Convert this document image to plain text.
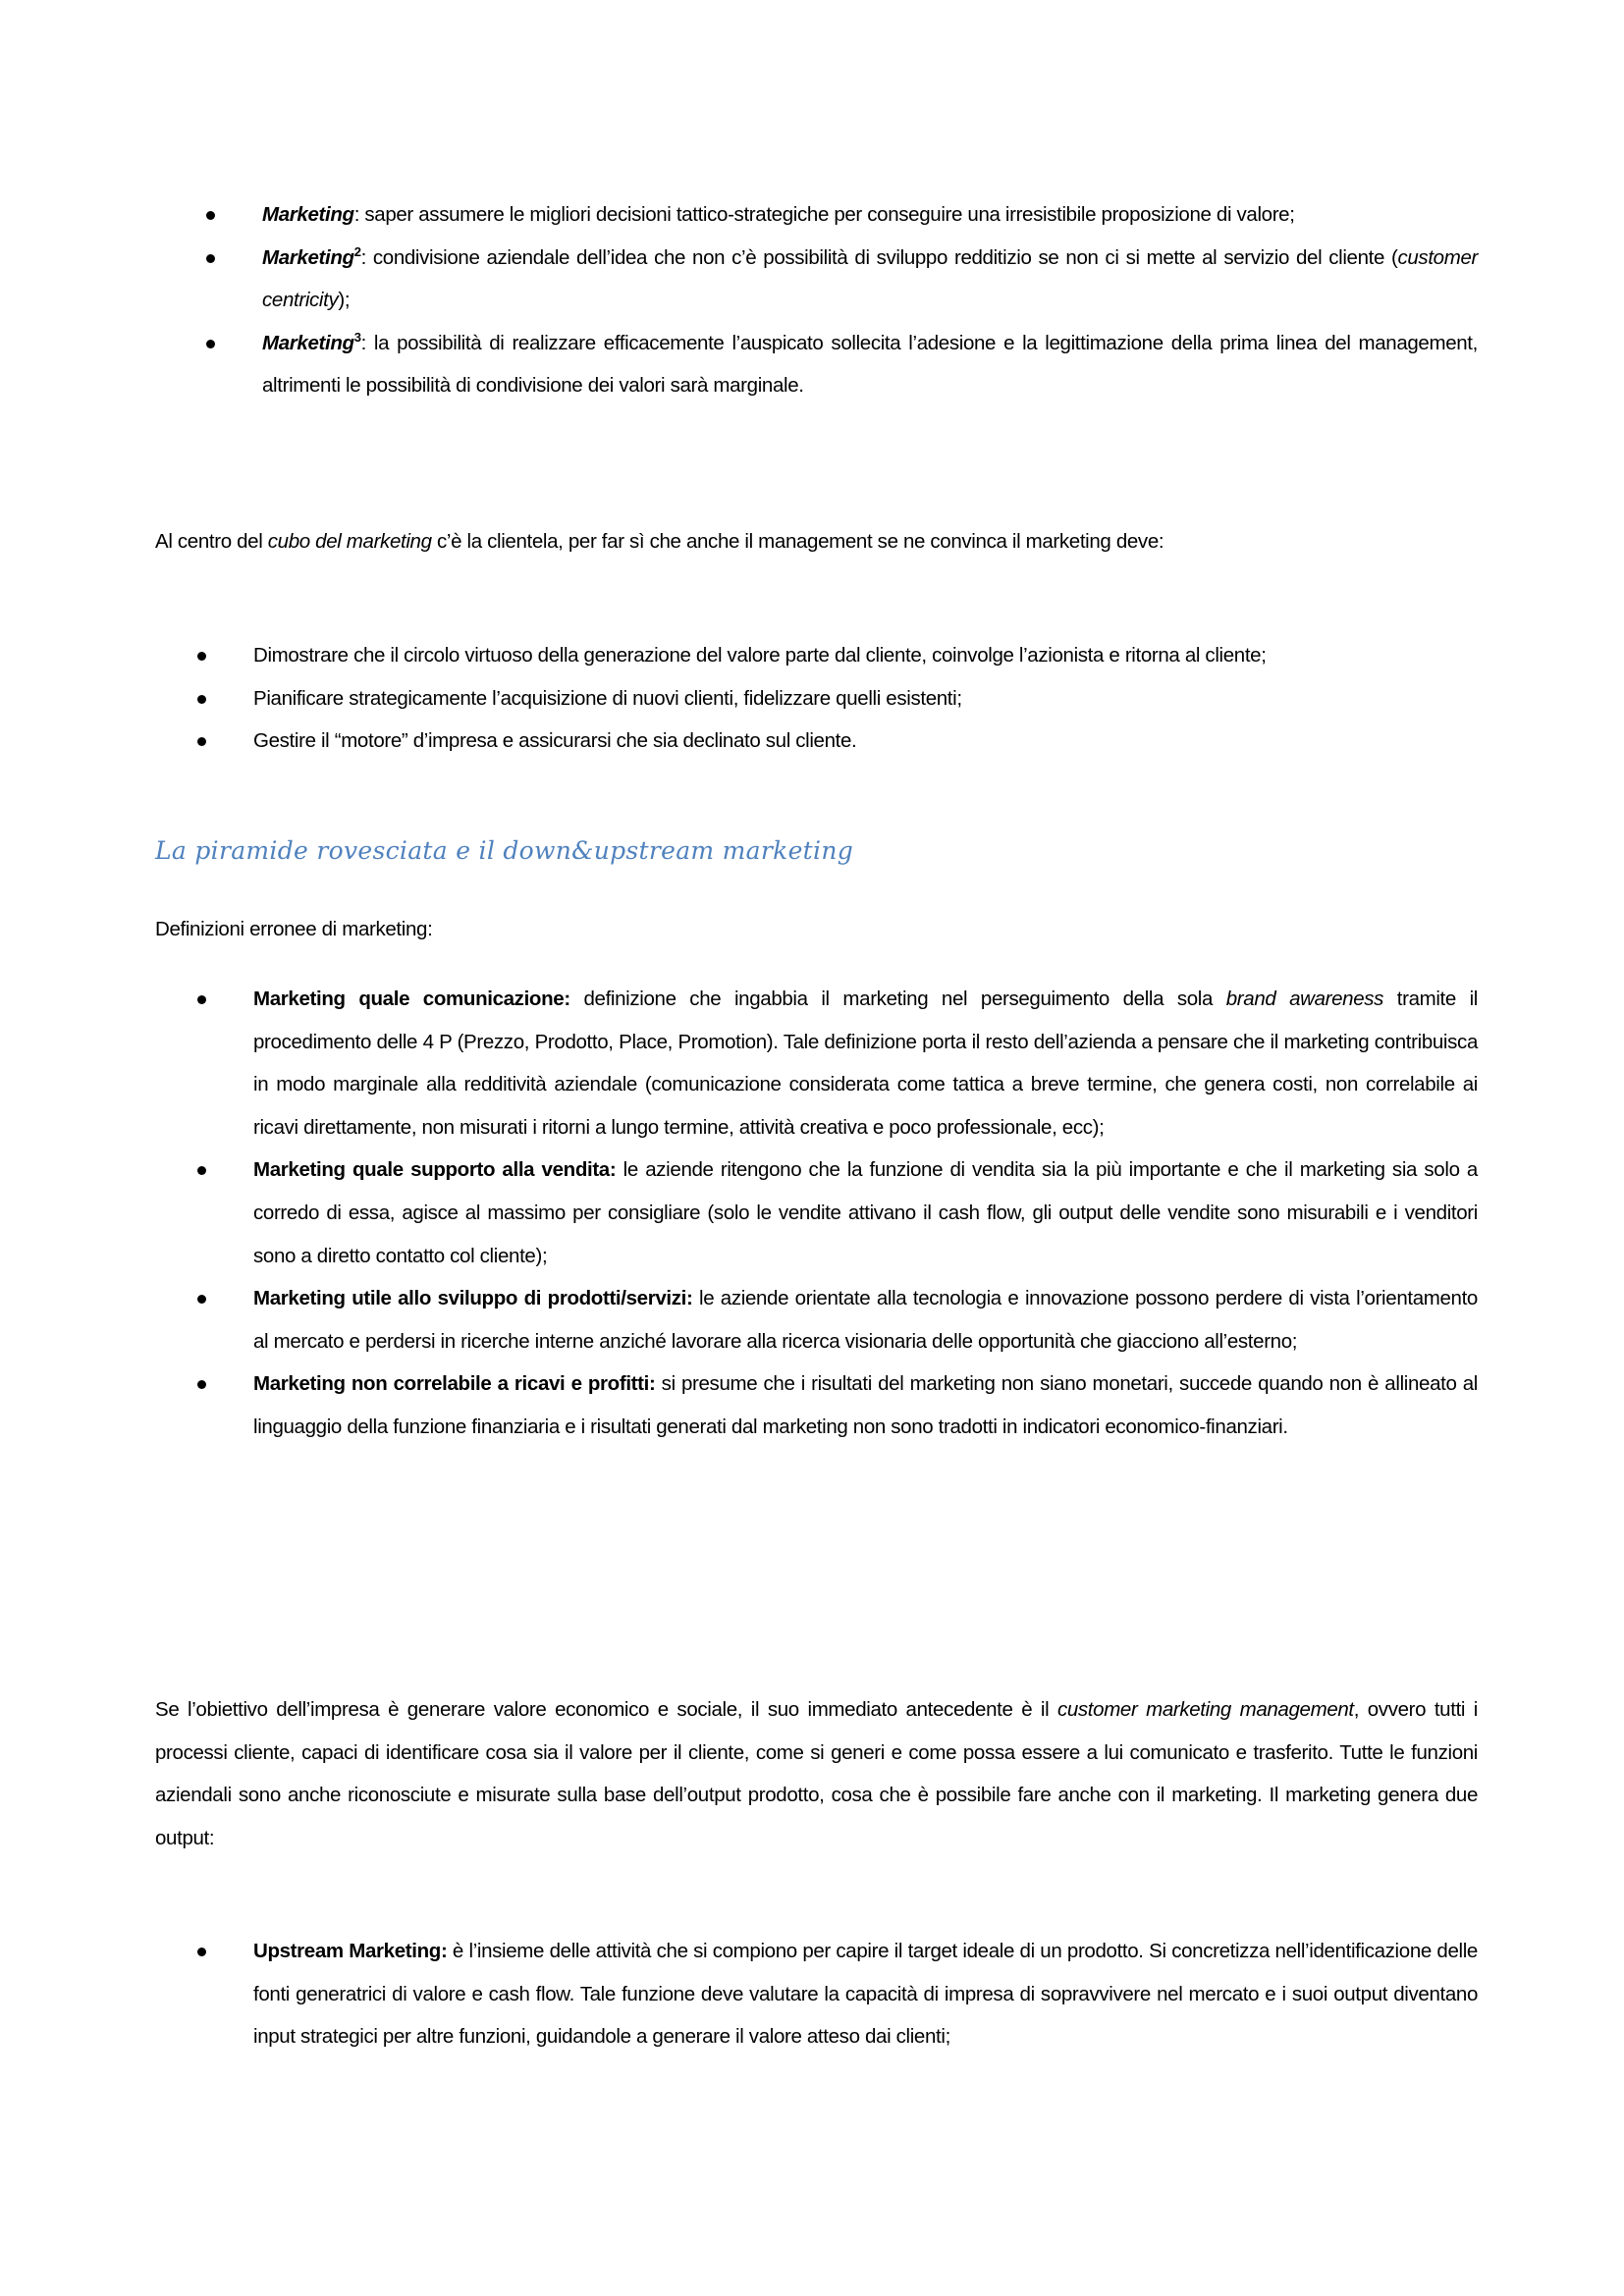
Marketing: saper assumere le migliori decisioni tattico-strategiche per conseguire una irresistibile proposizione di valore;
Marketing$^2$: condivisione aziendale dell’idea che non c’è possibilità di sviluppo redditizio se non ci si mette al servizio del cliente (customer centricity);
Marketing$^3$: la possibilità di realizzare efficacemente l’auspicato sollecita l’adesione e la legittimazione della prima linea del management, altrimenti le possibilità di condivisione dei valori sarà marginale.

Al centro del cubo del marketing c’è la clientela, per far sì che anche il management se ne convinca il marketing deve:

Dimostrare che il circolo virtuoso della generazione del valore parte dal cliente, coinvolge l’azionista e ritorna al cliente;
Pianificare strategicamente l’acquisizione di nuovi clienti, fidelizzare quelli esistenti;
Gestire il “motore” d’impresa e assicurarsi che sia declinato sul cliente.
La piramide rovesciata e il down&upstream marketing

Definizioni erronee di marketing:

Marketing quale comunicazione: definizione che ingabbia il marketing nel perseguimento della sola brand awareness tramite il procedimento delle 4 P (Prezzo, Prodotto, Place, Promotion). Tale definizione porta il resto dell’azienda a pensare che il marketing contribuisca in modo marginale alla redditività aziendale (comunicazione considerata come tattica a breve termine, che genera costi, non correlabile ai ricavi direttamente, non misurati i ritorni a lungo termine, attività creativa e poco professionale, ecc);
Marketing quale supporto alla vendita: le aziende ritengono che la funzione di vendita sia la più importante e che il marketing sia solo a corredo di essa, agisce al massimo per consigliare (solo le vendite attivano il cash flow, gli output delle vendite sono misurabili e i venditori sono a diretto contatto col cliente);
Marketing utile allo sviluppo di prodotti/servizi: le aziende orientate alla tecnologia e innovazione possono perdere di vista l’orientamento al mercato e perdersi in ricerche interne anziché lavorare alla ricerca visionaria delle opportunità che giacciono all’esterno;
Marketing non correlabile a ricavi e profitti: si presume che i risultati del marketing non siano monetari, succede quando non è allineato al linguaggio della funzione finanziaria e i risultati generati dal marketing non sono tradotti in indicatori economico-finanziari.

Se l’obiettivo dell’impresa è generare valore economico e sociale, il suo immediato antecedente è il customer marketing management, ovvero tutti i processi cliente, capaci di identificare cosa sia il valore per il cliente, come si generi e come possa essere a lui comunicato e trasferito. Tutte le funzioni aziendali sono anche riconosciute e misurate sulla base dell’output prodotto, cosa che è possibile fare anche con il marketing. Il marketing genera due output:

Upstream Marketing: è l’insieme delle attività che si compiono per capire il target ideale di un prodotto. Si concretizza nell’identificazione delle fonti generatrici di valore e cash flow. Tale funzione deve valutare la capacità di impresa di sopravvivere nel mercato e i suoi output diventano input strategici per altre funzioni, guidandole a generare il valore atteso dai clienti;
